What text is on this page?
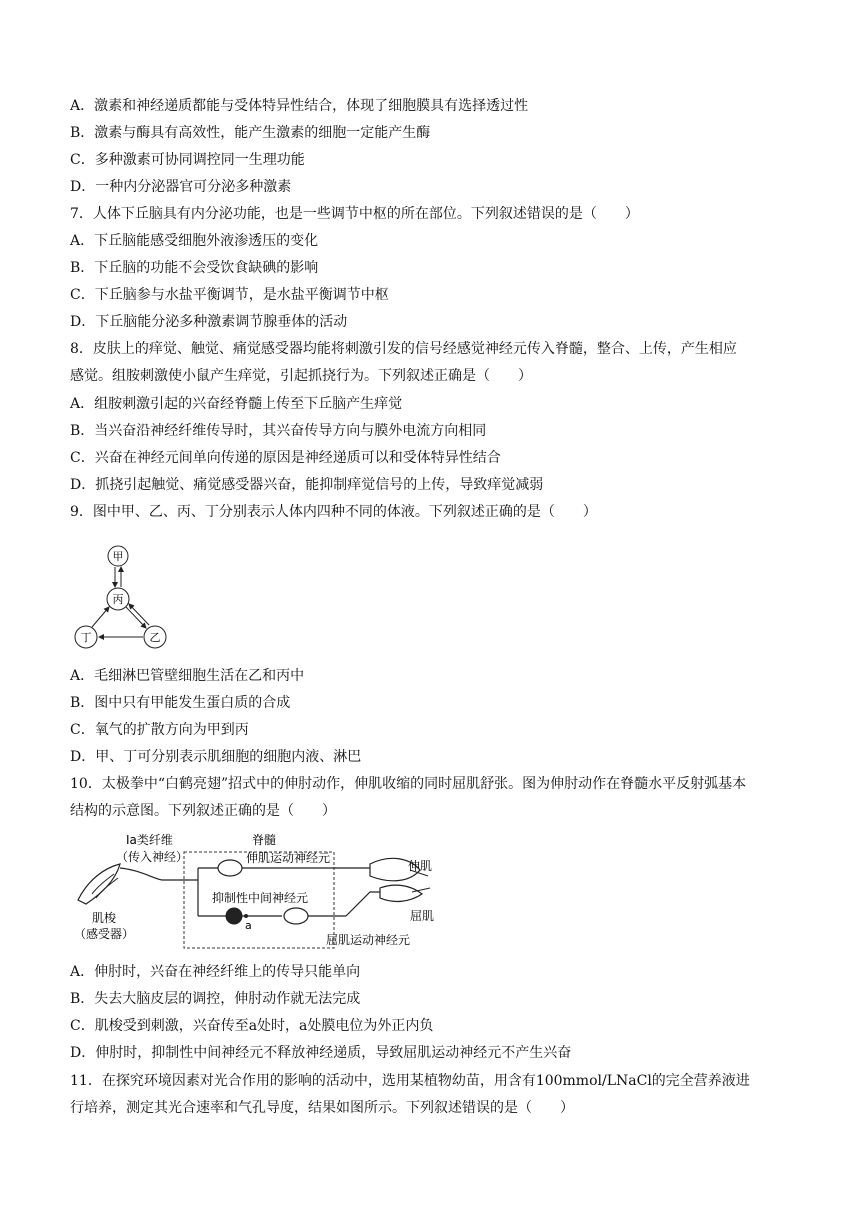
A．激素和神经递质都能与受体特异性结合，体现了细胞膜具有选择透过性
B．激素与酶具有高效性，能产生激素的细胞一定能产生酶
C．多种激素可协同调控同一生理功能
D．一种内分泌器官可分泌多种激素
7．人体下丘脑具有内分泌功能，也是一些调节中枢的所在部位。下列叙述错误的是（　　）
A．下丘脑能感受细胞外液渗透压的变化
B．下丘脑的功能不会受饮食缺碘的影响
C．下丘脑参与水盐平衡调节，是水盐平衡调节中枢
D．下丘脑能分泌多种激素调节腺垂体的活动
8．皮肤上的痒觉、触觉、痛觉感受器均能将刺激引发的信号经感觉神经元传入脊髓，整合、上传，产生相应
感觉。组胺刺激使小鼠产生痒觉，引起抓挠行为。下列叙述正确是（　　）
A．组胺刺激引起的兴奋经脊髓上传至下丘脑产生痒觉
B．当兴奋沿神经纤维传导时，其兴奋传导方向与膜外电流方向相同
C．兴奋在神经元间单向传递的原因是神经递质可以和受体特异性结合
D．抓挠引起触觉、痛觉感受器兴奋，能抑制痒觉信号的上传，导致痒觉减弱
9．图中甲、乙、丙、丁分别表示人体内四种不同的体液。下列叙述正确的是（　　）
甲
丙
丁	乙
A．毛细淋巴管壁细胞生活在乙和丙中
B．图中只有甲能发生蛋白质的合成
C．氧气的扩散方向为甲到丙
D．甲、丁可分别表示肌细胞的细胞内液、淋巴
10．太极拳中“白鹤亮翅”招式中的伸肘动作，伸肌收缩的同时屈肌舒张。图为伸肘动作在脊髓水平反射弧基本
结构的示意图。下列叙述正确的是（　　）
Ⅰa类纤维
（传入神经）
脊髓
伸肌运动神经元
抑制性中间神经元
a
伸肌
屈肌
屈肌运动神经元
肌梭
（感受器）
A．伸肘时，兴奋在神经纤维上的传导只能单向
B．失去大脑皮层的调控，伸肘动作就无法完成
C．肌梭受到刺激，兴奋传至a处时，a处膜电位为外正内负
D．伸肘时，抑制性中间神经元不释放神经递质，导致屈肌运动神经元不产生兴奋
11．在探究环境因素对光合作用的影响的活动中，选用某植物幼苗，用含有100mmol/LNaCl的完全营养液进
行培养，测定其光合速率和气孔导度，结果如图所示。下列叙述错误的是（　　）
